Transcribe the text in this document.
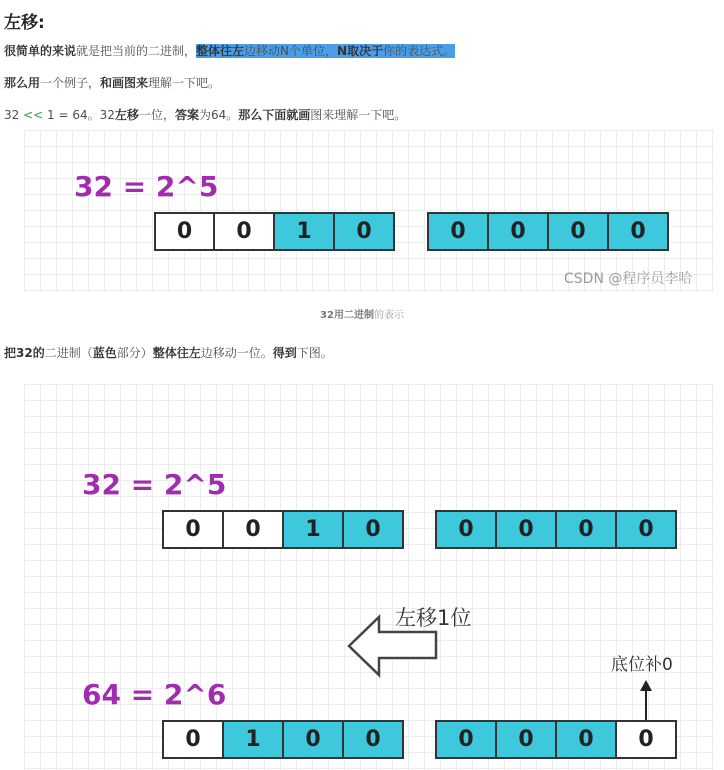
左移:
很简单的来说就是把当前的二进制，整体往左边移动N个单位，N取决于你的表达式。
那么用一个例子，和画图来理解一下吧。
32 << 1 = 64。32左移一位，答案为64。那么下面就画图来理解一下吧。
32 = 2^5
0	0	1	0	0	0	0	0
CSDN @程序员李哈
32用二进制的表示
把32的二进制（蓝色部分）整体往左边移动一位。得到下图。
32 = 2^5
0	0	1	0	0	0	0	0
左移1位
底位补0
64 = 2^6
0	1	0	0	0	0	0	0
